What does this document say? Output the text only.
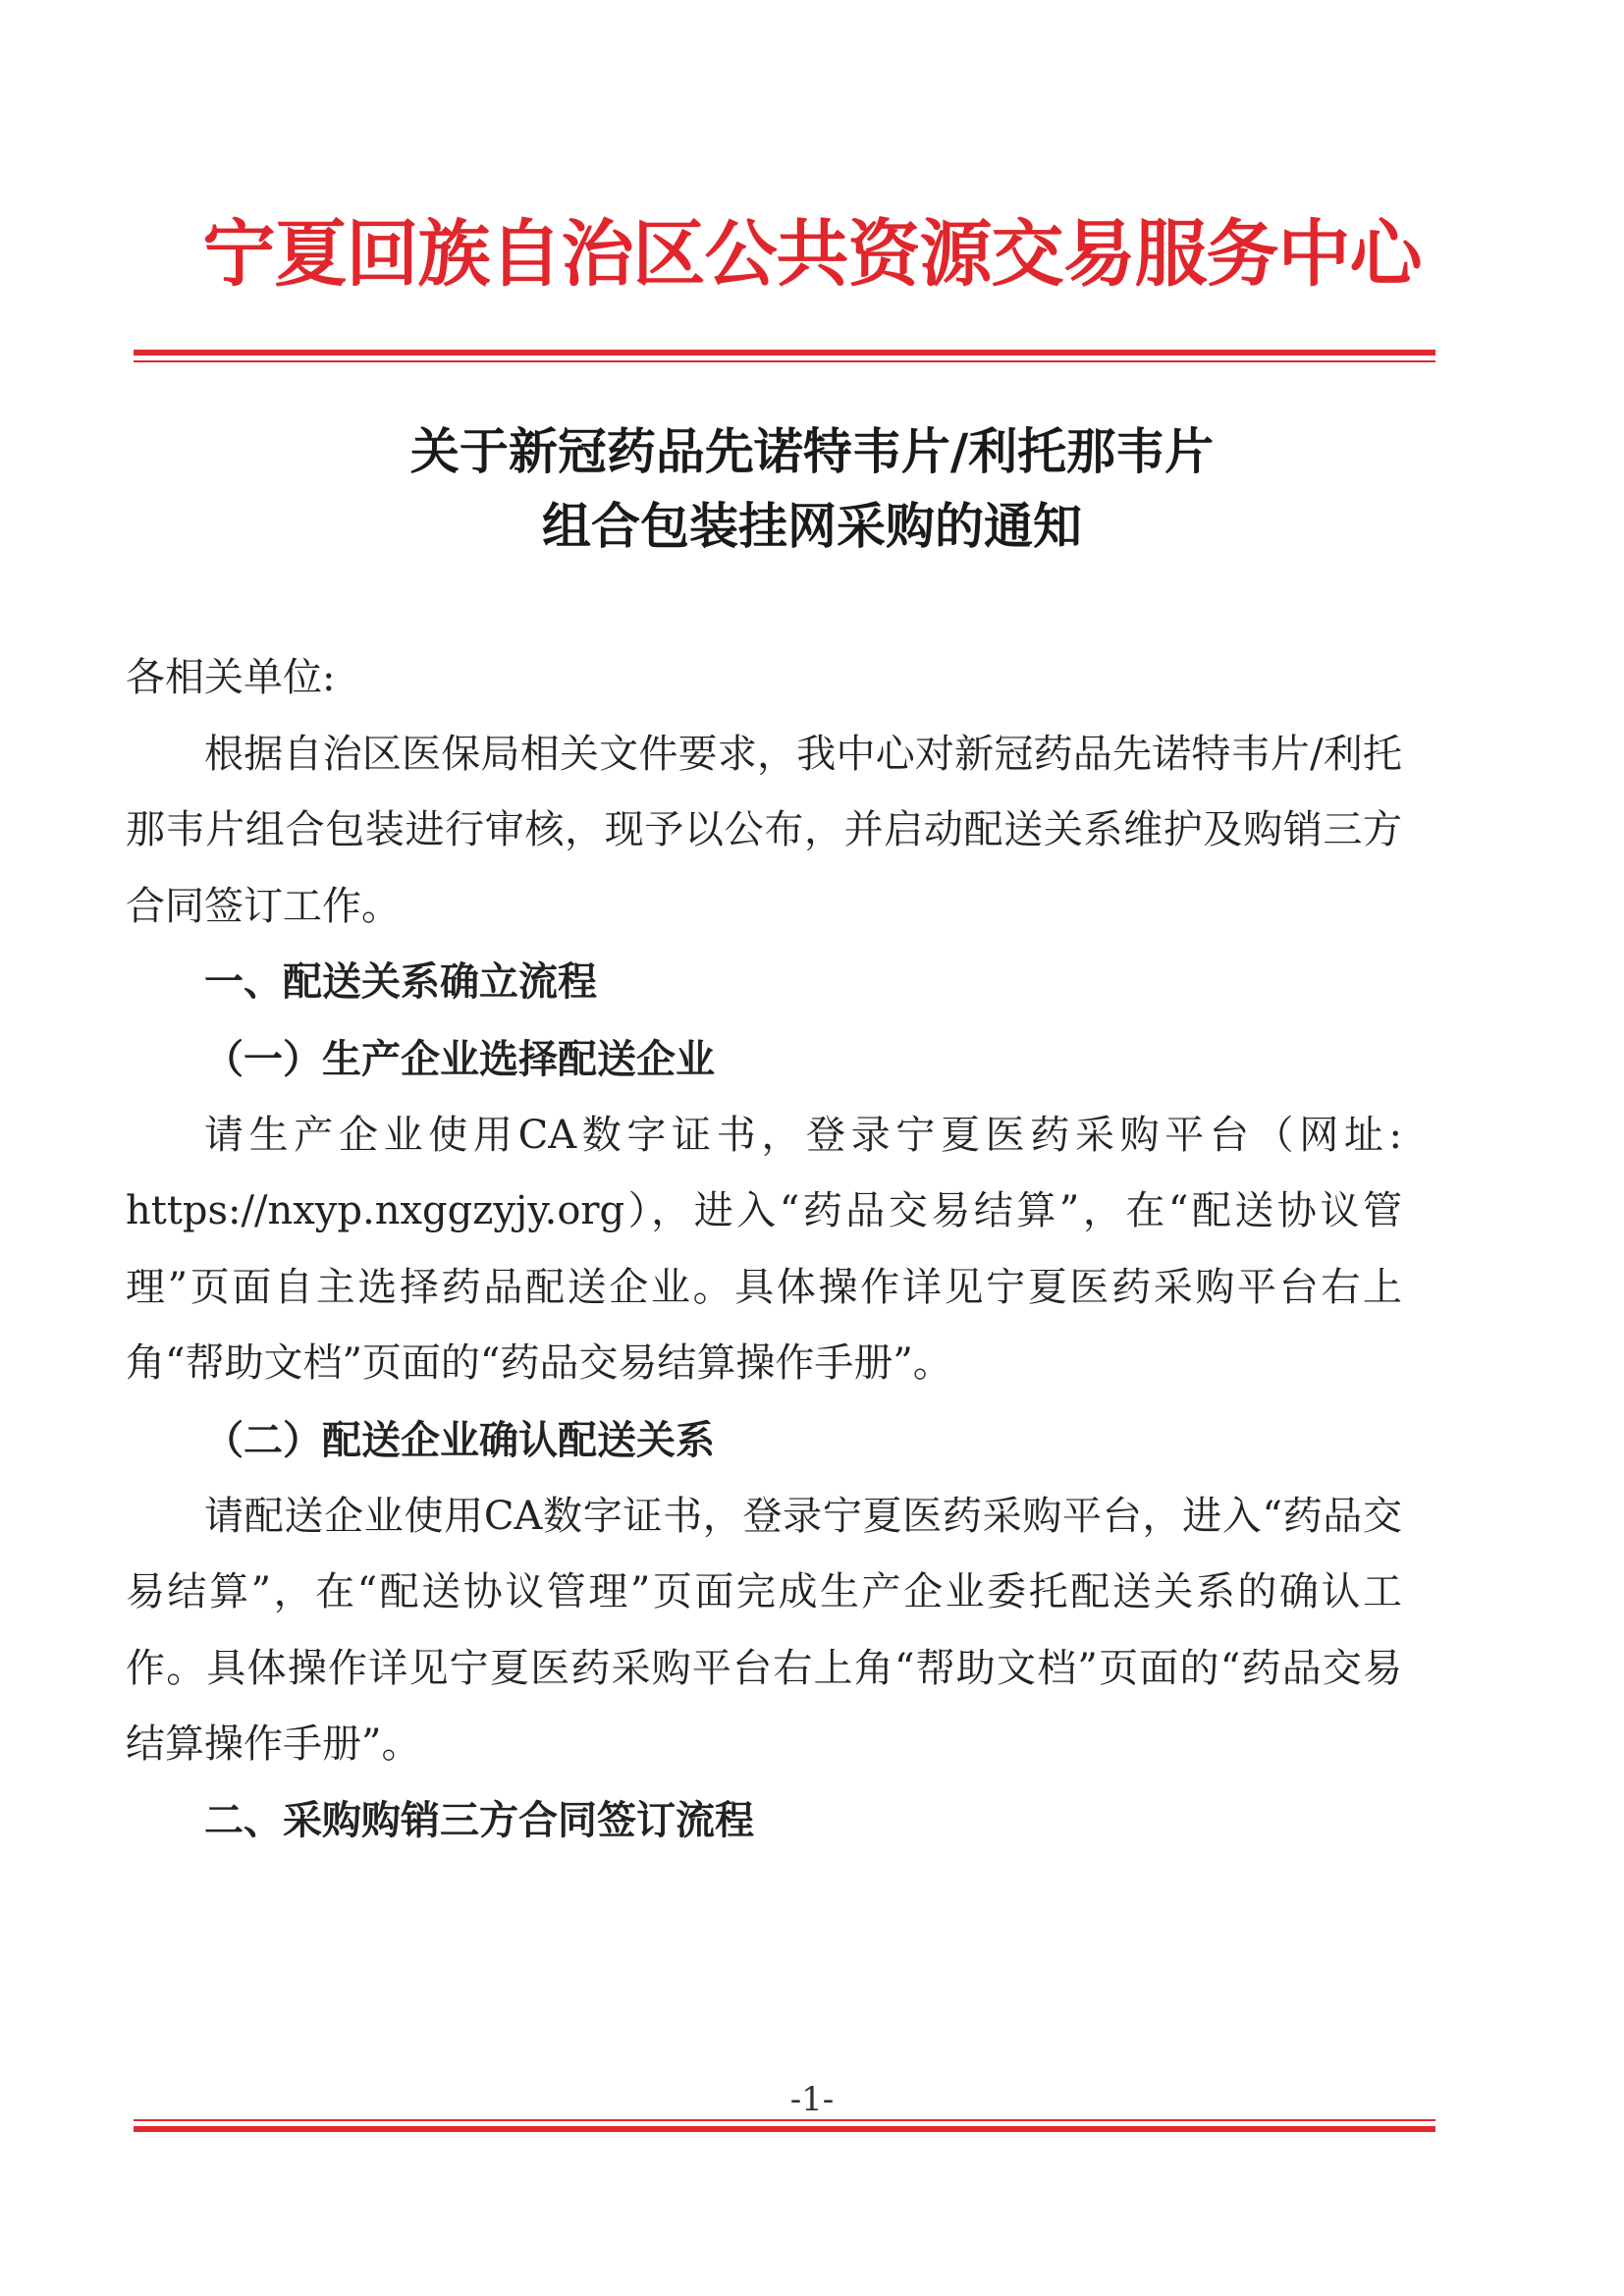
宁夏回族自治区公共资源交易服务中心
关于新冠药品先诺特韦片/利托那韦片
组合包装挂网采购的通知
各相关单位:
根据自治区医保局相关文件要求，我中心对新冠药品先诺特韦片/利托那韦片组合包装进行审核，现予以公布，并启动配送关系维护及购销三方合同签订工作。
一、配送关系确立流程
（一）生产企业选择配送企业
请生产企业使用CA数字证书，登录宁夏医药采购平台（网址: https://nxyp.nxggzyjy.org），进入“药品交易结算”，在“配送协议管理”页面自主选择药品配送企业。具体操作详见宁夏医药采购平台右上角“帮助文档”页面的“药品交易结算操作手册”。
（二）配送企业确认配送关系
请配送企业使用CA数字证书，登录宁夏医药采购平台，进入“药品交易结算”，在“配送协议管理”页面完成生产企业委托配送关系的确认工作。具体操作详见宁夏医药采购平台右上角“帮助文档”页面的“药品交易结算操作手册”。
二、采购购销三方合同签订流程
-1-
